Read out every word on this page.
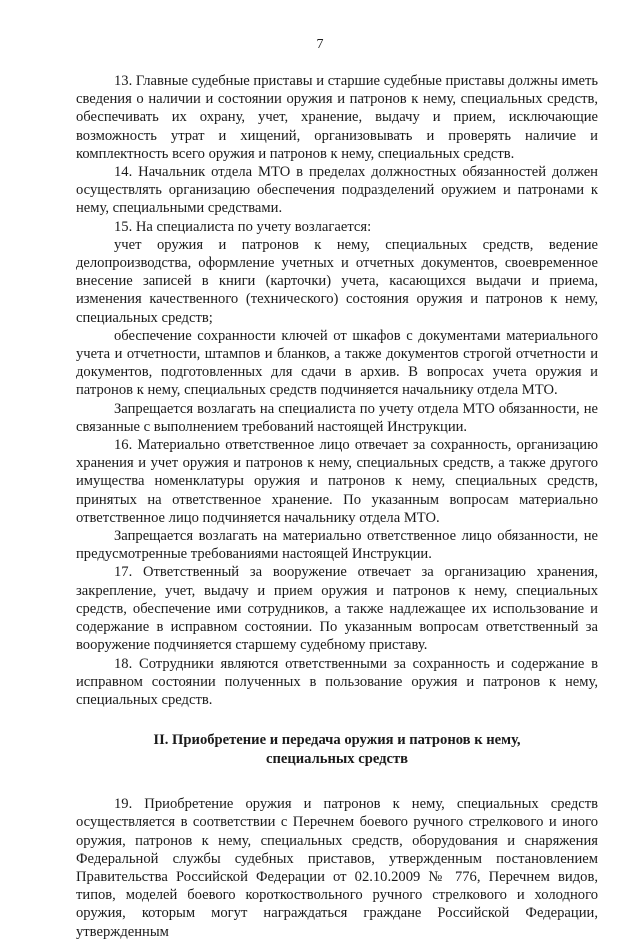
7

13. Главные судебные приставы и старшие судебные приставы должны иметь сведения о наличии и состоянии оружия и патронов к нему, специальных средств, обеспечивать их охрану, учет, хранение, выдачу и прием, исключающие возможность утрат и хищений, организовывать и проверять наличие и комплектность всего оружия и патронов к нему, специальных средств.

14. Начальник отдела МТО в пределах должностных обязанностей должен осуществлять организацию обеспечения подразделений оружием и патронами к нему, специальными средствами.

15. На специалиста по учету возлагается:

учет оружия и патронов к нему, специальных средств, ведение делопроизводства, оформление учетных и отчетных документов, своевременное внесение записей в книги (карточки) учета, касающихся выдачи и приема, изменения качественного (технического) состояния оружия и патронов к нему, специальных средств;

обеспечение сохранности ключей от шкафов с документами материального учета и отчетности, штампов и бланков, а также документов строгой отчетности и документов, подготовленных для сдачи в архив. В вопросах учета оружия и патронов к нему, специальных средств подчиняется начальнику отдела МТО.

Запрещается возлагать на специалиста по учету отдела МТО обязанности, не связанные с выполнением требований настоящей Инструкции.

16. Материально ответственное лицо отвечает за сохранность, организацию хранения и учет оружия и патронов к нему, специальных средств, а также другого имущества номенклатуры оружия и патронов к нему, специальных средств, принятых на ответственное хранение. По указанным вопросам материально ответственное лицо подчиняется начальнику отдела МТО.

Запрещается возлагать на материально ответственное лицо обязанности, не предусмотренные требованиями настоящей Инструкции.

17. Ответственный за вооружение отвечает за организацию хранения, закрепление, учет, выдачу и прием оружия и патронов к нему, специальных средств, обеспечение ими сотрудников, а также надлежащее их использование и содержание в исправном состоянии. По указанным вопросам ответственный за вооружение подчиняется старшему судебному приставу.

18. Сотрудники являются ответственными за сохранность и содержание в исправном состоянии полученных в пользование оружия и патронов к нему, специальных средств.

II. Приобретение и передача оружия и патронов к нему,
специальных средств

19. Приобретение оружия и патронов к нему, специальных средств осуществляется в соответствии с Перечнем боевого ручного стрелкового и иного оружия, патронов к нему, специальных средств, оборудования и снаряжения Федеральной службы судебных приставов, утвержденным постановлением Правительства Российской Федерации от 02.10.2009 № 776, Перечнем видов, типов, моделей боевого короткоствольного ручного стрелкового и холодного оружия, которым могут награждаться граждане Российской Федерации, утвержденным
